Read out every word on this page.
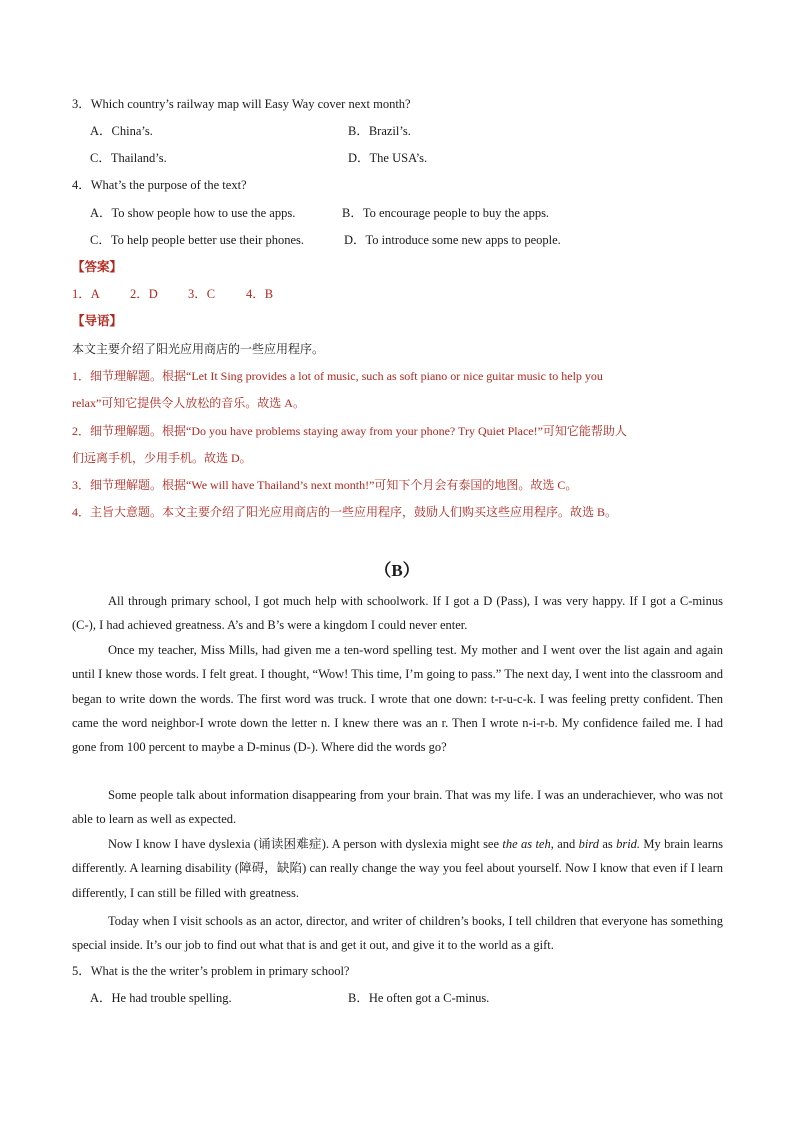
3．Which country’s railway map will Easy Way cover next month?
A．China’s.	B．Brazil’s.
C．Thailand’s.	D．The USA’s.
4．What’s the purpose of the text?
A．To show people how to use the apps.	B．To encourage people to buy the apps.
C．To help people better use their phones.	D．To introduce some new apps to people.
【答案】
1．A 2．D 3．C 4．B
【导语】
本文主要介绍了阳光应用商店的一些应用程序。
1．细节理解题。根据“Let It Sing provides a lot of music, such as soft piano or nice guitar music to help you
relax”可知它提供令人放松的音乐。故选 A。
2．细节理解题。根据“Do you have problems staying away from your phone? Try Quiet Place!”可知它能帮助人
们远离手机，少用手机。故选 D。
3．细节理解题。根据“We will have Thailand’s next month!”可知下个月会有泰国的地图。故选 C。
4．主旨大意题。本文主要介绍了阳光应用商店的一些应用程序，鼓励人们购买这些应用程序。故选 B。
（B）
All through primary school, I got much help with schoolwork. If I got a D (Pass), I was very happy. If I got a C-minus (C-), I had achieved greatness. A’s and B’s were a kingdom I could never enter.
Once my teacher, Miss Mills, had given me a ten-word spelling test. My mother and I went over the list again and again until I knew those words. I felt great. I thought, “Wow! This time, I’m going to pass.” The next day, I went into the classroom and began to write down the words. The first word was truck. I wrote that one down: t-r-u-c-k. I was feeling pretty confident. Then came the word neighbor-I wrote down the letter n. I knew there was an r. Then I wrote n-i-r-b. My confidence failed me. I had gone from 100 percent to maybe a D-minus (D-). Where did the words go?
Some people talk about information disappearing from your brain. That was my life. I was an underachiever, who was not able to learn as well as expected.
Now I know I have dyslexia (诵读困难症). A person with dyslexia might see the as teh, and bird as brid. My brain learns differently. A learning disability (障碍，缺陷) can really change the way you feel about yourself. Now I know that even if I learn differently, I can still be filled with greatness.
Today when I visit schools as an actor, director, and writer of children’s books, I tell children that everyone has something special inside. It’s our job to find out what that is and get it out, and give it to the world as a gift.
5．What is the the writer’s problem in primary school?
A．He had trouble spelling.	B．He often got a C-minus.
